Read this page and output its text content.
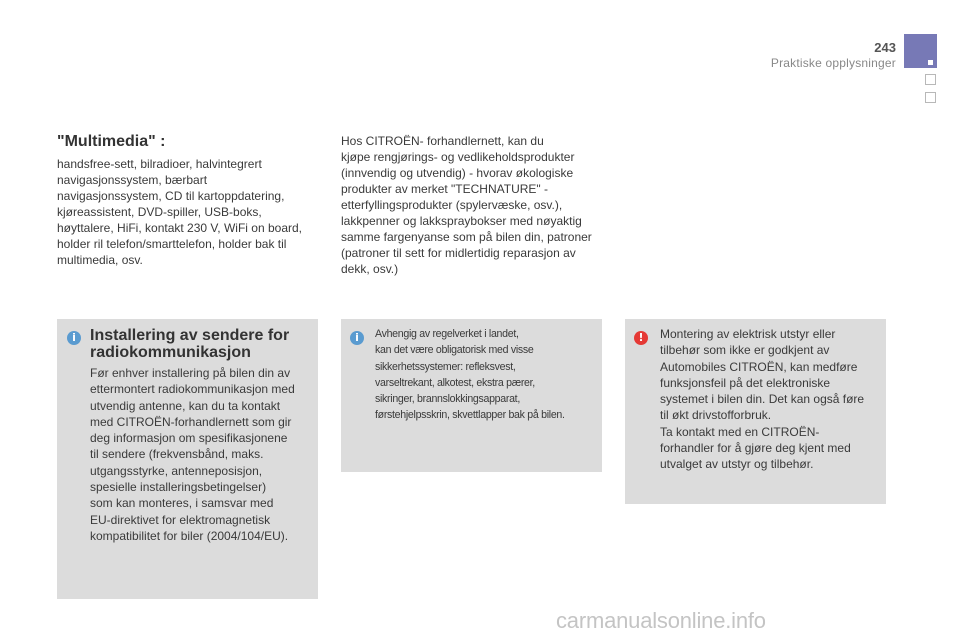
243
Praktiske opplysninger
"Multimedia" :
handsfree-sett, bilradioer, halvintegrert
navigasjonssystem, bærbart
navigasjonssystem, CD til kartoppdatering,
kjøreassistent, DVD-spiller, USB-boks,
høyttalere, HiFi, kontakt 230 V, WiFi on board,
holder ril telefon/smarttelefon, holder bak til
multimedia, osv.
Hos CITROËN- forhandlernett, kan du
kjøpe rengjørings- og vedlikeholdsprodukter
(innvendig og utvendig) - hvorav økologiske
produkter av merket "TECHNATURE" -
etterfyllingsprodukter (spylervæske, osv.),
lakkpenner og lakkspraybokser med nøyaktig
samme fargenyanse som på bilen din, patroner
(patroner til sett for midlertidig reparasjon av
dekk, osv.)
i Installering av sendere for
radiokommunikasjon
Før enhver installering på bilen din av
ettermontert radiokommunikasjon med
utvendig antenne, kan du ta kontakt
med CITROËN-forhandlernett som gir
deg informasjon om spesifikasjonene
til sendere (frekvensbånd, maks.
utgangsstyrke, antenneposisjon,
spesielle installeringsbetingelser)
som kan monteres, i samsvar med
EU-direktivet for elektromagnetisk
kompatibilitet for biler (2004/104/EU).
i	Avhengig av regelverket i landet,
kan det være obligatorisk med visse
sikkerhetssystemer: refleksvest,
varseltrekant, alkotest, ekstra pærer,
sikringer, brannslokkingsapparat,
førstehjelpsskrin, skvettlapper bak på bilen.
!	Montering av elektrisk utstyr eller
tilbehør som ikke er godkjent av
Automobiles CITROËN, kan medføre
funksjonsfeil på det elektroniske
systemet i bilen din. Det kan også føre
til økt drivstofforbruk.
Ta kontakt med en CITROËN-
forhandler for å gjøre deg kjent med
utvalget av utstyr og tilbehør.
carmanualsonline.info
